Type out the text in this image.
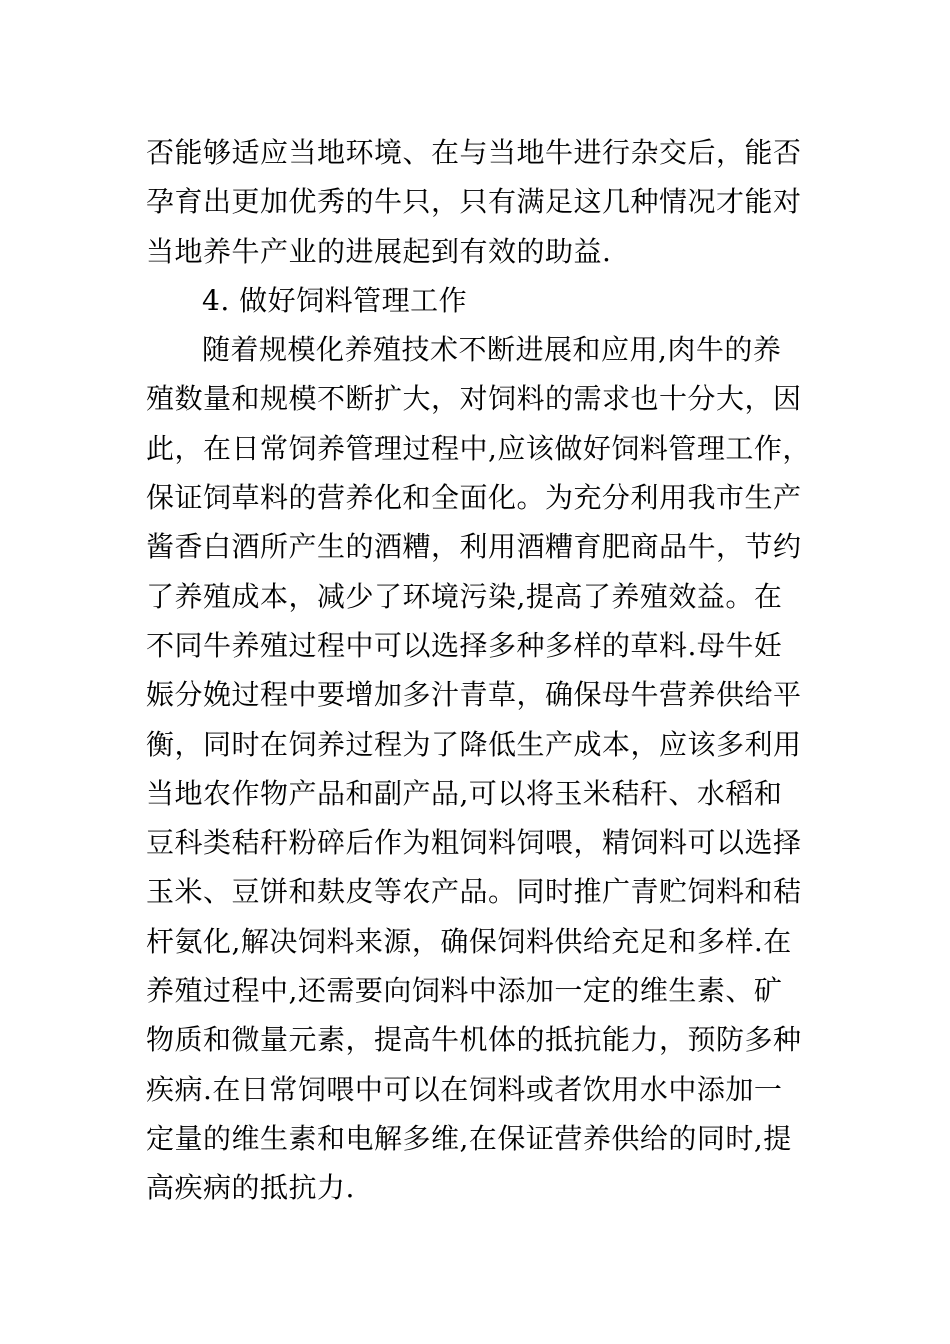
否能够适应当地环境、在与当地牛进行杂交后，能否
孕育出更加优秀的牛只，只有满足这几种情况才能对
当地养牛产业的进展起到有效的助益.
4. 做好饲料管理工作
随着规模化养殖技术不断进展和应用,肉牛的养
殖数量和规模不断扩大，对饲料的需求也十分大，因
此，在日常饲养管理过程中,应该做好饲料管理工作，
保证饲草料的营养化和全面化。为充分利用我市生产
酱香白酒所产生的酒糟，利用酒糟育肥商品牛，节约
了养殖成本，减少了环境污染,提高了养殖效益。在
不同牛养殖过程中可以选择多种多样的草料.母牛妊
娠分娩过程中要增加多汁青草，确保母牛营养供给平
衡，同时在饲养过程为了降低生产成本，应该多利用
当地农作物产品和副产品,可以将玉米秸秆、水稻和
豆科类秸秆粉碎后作为粗饲料饲喂，精饲料可以选择
玉米、豆饼和麸皮等农产品。同时推广青贮饲料和秸
杆氨化,解决饲料来源，确保饲料供给充足和多样.在
养殖过程中,还需要向饲料中添加一定的维生素、矿
物质和微量元素，提高牛机体的抵抗能力，预防多种
疾病.在日常饲喂中可以在饲料或者饮用水中添加一
定量的维生素和电解多维,在保证营养供给的同时,提
高疾病的抵抗力.
